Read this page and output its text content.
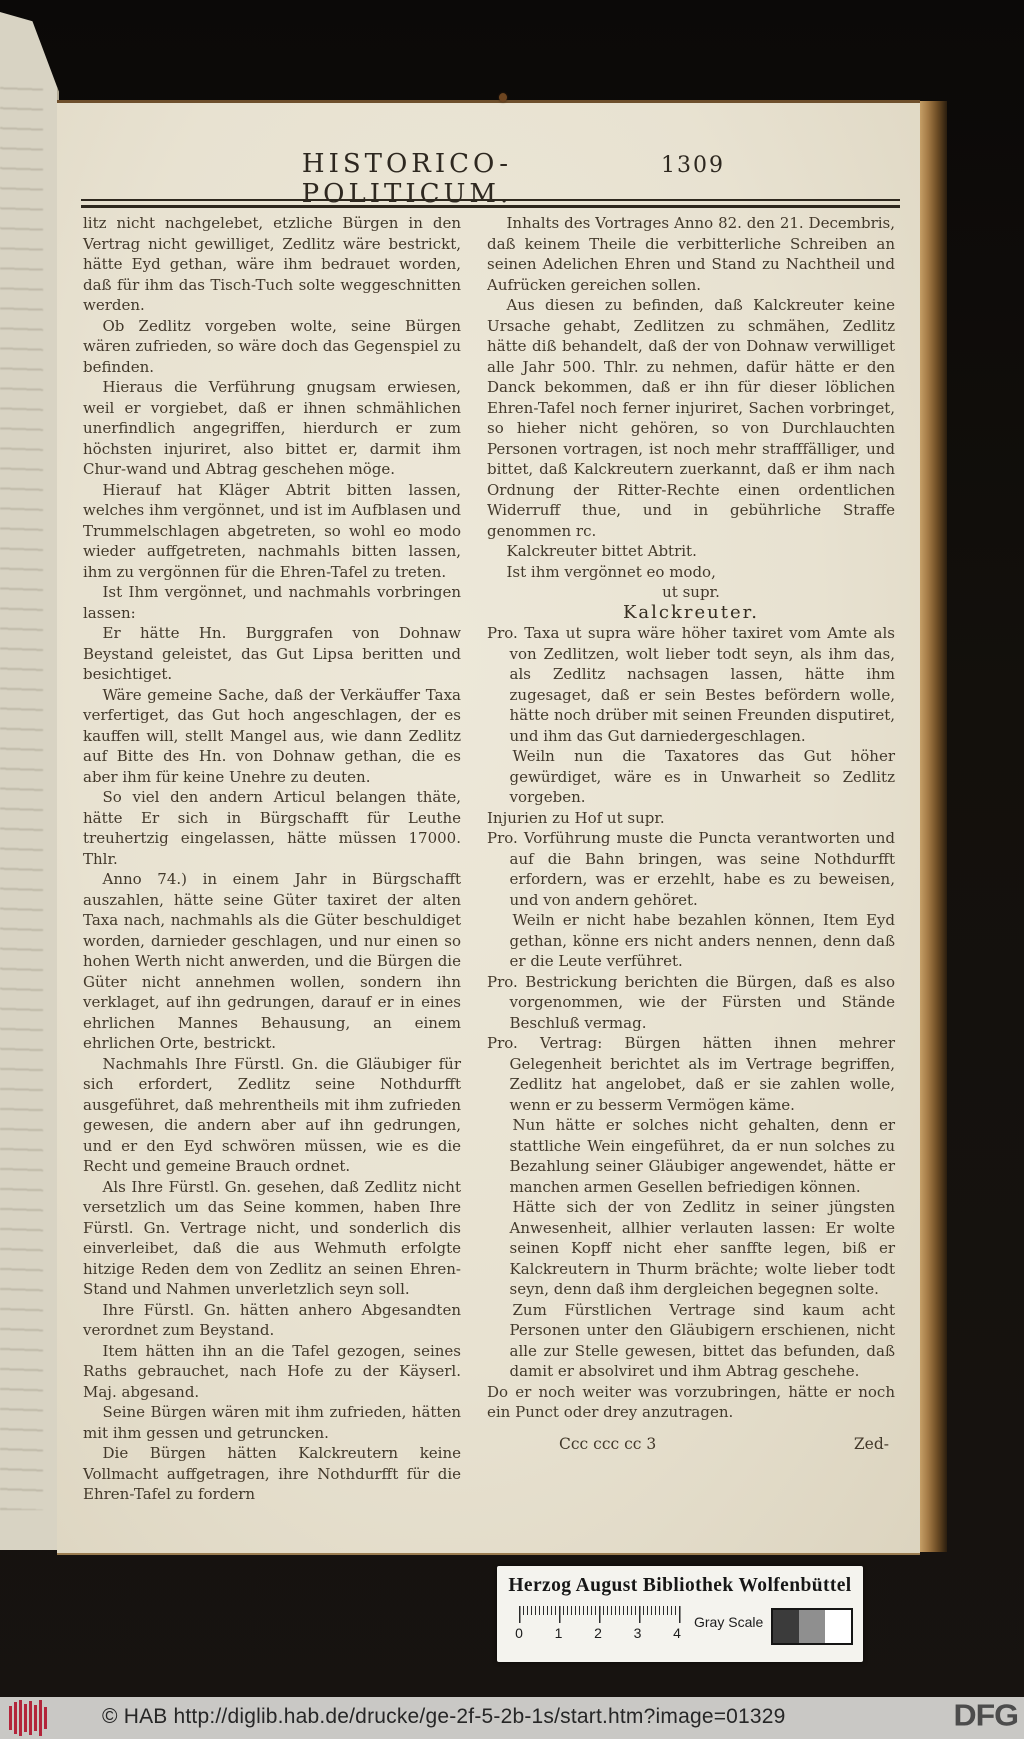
HISTORICO-POLITICUM.
1309

litz nicht nachgelebet, etzliche Bürgen in den Vertrag nicht gewilliget, Zedlitz wäre bestrickt, hätte Eyd gethan, wäre ihm bedrauet worden, daß für ihm das Tisch-Tuch solte weggeschnitten werden.

Ob Zedlitz vorgeben wolte, seine Bürgen wären zufrieden, so wäre doch das Gegenspiel zu befinden.

Hieraus die Verführung gnugsam erwiesen, weil er vorgiebet, daß er ihnen schmählichen unerfindlich angegriffen, hierdurch er zum höchsten injuriret, also bittet er, darmit ihm Chur-wand und Abtrag geschehen möge.

Hierauf hat Kläger Abtrit bitten lassen, welches ihm vergönnet, und ist im Aufblasen und Trummelschlagen abgetreten, so wohl eo modo wieder auffgetreten, nachmahls bitten lassen, ihm zu vergönnen für die Ehren-Tafel zu treten.

Ist Ihm vergönnet, und nachmahls vorbringen lassen:

Er hätte Hn. Burggrafen von Dohnaw Beystand geleistet, das Gut Lipsa beritten und besichtiget.

Wäre gemeine Sache, daß der Verkäuffer Taxa verfertiget, das Gut hoch angeschlagen, der es kauffen will, stellt Mangel aus, wie dann Zedlitz auf Bitte des Hn. von Dohnaw gethan, die es aber ihm für keine Unehre zu deuten.

So viel den andern Articul belangen thäte, hätte Er sich in Bürgschafft für Leuthe treuhertzig eingelassen, hätte müssen 17000. Thlr.

Anno 74.) in einem Jahr in Bürgschafft auszahlen, hätte seine Güter taxiret der alten Taxa nach, nachmahls als die Güter beschuldiget worden, darnieder geschlagen, und nur einen so hohen Werth nicht anwerden, und die Bürgen die Güter nicht annehmen wollen, sondern ihn verklaget, auf ihn gedrungen, darauf er in eines ehrlichen Mannes Behausung, an einem ehrlichen Orte, bestrickt.

Nachmahls Ihre Fürstl. Gn. die Gläubiger für sich erfordert, Zedlitz seine Nothdurfft ausgeführet, daß mehrentheils mit ihm zufrieden gewesen, die andern aber auf ihn gedrungen, und er den Eyd schwören müssen, wie es die Recht und gemeine Brauch ordnet.

Als Ihre Fürstl. Gn. gesehen, daß Zedlitz nicht versetzlich um das Seine kommen, haben Ihre Fürstl. Gn. Vertrage nicht, und sonderlich dis einverleibet, daß die aus Wehmuth erfolgte hitzige Reden dem von Zedlitz an seinen Ehren-Stand und Nahmen unverletzlich seyn soll.

Ihre Fürstl. Gn. hätten anhero Abgesandten verordnet zum Beystand.

Item hätten ihn an die Tafel gezogen, seines Raths gebrauchet, nach Hofe zu der Käyserl. Maj. abgesand.

Seine Bürgen wären mit ihm zufrieden, hätten mit ihm gessen und getruncken.

Die Bürgen hätten Kalckreutern keine Vollmacht auffgetragen, ihre Nothdurfft für die Ehren-Tafel zu fordern

Inhalts des Vortrages Anno 82. den 21. Decembris, daß keinem Theile die verbitterliche Schreiben an seinen Adelichen Ehren und Stand zu Nachtheil und Aufrücken gereichen sollen.

Aus diesen zu befinden, daß Kalckreuter keine Ursache gehabt, Zedlitzen zu schmähen, Zedlitz hätte diß behandelt, daß der von Dohnaw verwilliget alle Jahr 500. Thlr. zu nehmen, dafür hätte er den Danck bekommen, daß er ihn für dieser löblichen Ehren-Tafel noch ferner injuriret, Sachen vorbringet, so hieher nicht gehören, so von Durchlauchten Personen vortragen, ist noch mehr strafffälliger, und bittet, daß Kalckreutern zuerkannt, daß er ihm nach Ordnung der Ritter-Rechte einen ordentlichen Widerruff thue, und in gebührliche Straffe genommen rc.

Kalckreuter bittet Abtrit.

Ist ihm vergönnet eo modo,

ut supr.

Kalckreuter.

Pro. Taxa ut supra wäre höher taxiret vom Amte als von Zedlitzen, wolt lieber todt seyn, als ihm das, als Zedlitz nachsagen lassen, hätte ihm zugesaget, daß er sein Bestes befördern wolle, hätte noch drüber mit seinen Freunden disputiret, und ihm das Gut darniedergeschlagen.

Weiln nun die Taxatores das Gut höher gewürdiget, wäre es in Unwarheit so Zedlitz vorgeben.

Injurien zu Hof ut supr.

Pro. Vorführung muste die Puncta verantworten und auf die Bahn bringen, was seine Nothdurfft erfordern, was er erzehlt, habe es zu beweisen, und von andern gehöret.

Weiln er nicht habe bezahlen können, Item Eyd gethan, könne ers nicht anders nennen, denn daß er die Leute verführet.

Pro. Bestrickung berichten die Bürgen, daß es also vorgenommen, wie der Fürsten und Stände Beschluß vermag.

Pro. Vertrag: Bürgen hätten ihnen mehrer Gelegenheit berichtet als im Vertrage begriffen, Zedlitz hat angelobet, daß er sie zahlen wolle, wenn er zu besserm Vermögen käme.

Nun hätte er solches nicht gehalten, denn er stattliche Wein eingeführet, da er nun solches zu Bezahlung seiner Gläubiger angewendet, hätte er manchen armen Gesellen befriedigen können.

Hätte sich der von Zedlitz in seiner jüngsten Anwesenheit, allhier verlauten lassen: Er wolte seinen Kopff nicht eher sanffte legen, biß er Kalckreutern in Thurm brächte; wolte lieber todt seyn, denn daß ihm dergleichen begegnen solte.

Zum Fürstlichen Vertrage sind kaum acht Personen unter den Gläubigern erschienen, nicht alle zur Stelle gewesen, bittet das befunden, daß damit er absolviret und ihm Abtrag geschehe.

Do er noch weiter was vorzubringen, hätte er noch ein Punct oder drey anzutragen.

Ccc ccc cc 3	Zed-
Herzog August Bibliothek Wolfenbüttel
0 1 2 3 4
Gray Scale
© HAB http://diglib.hab.de/drucke/ge-2f-5-2b-1s/start.htm?image=01329	DFG
